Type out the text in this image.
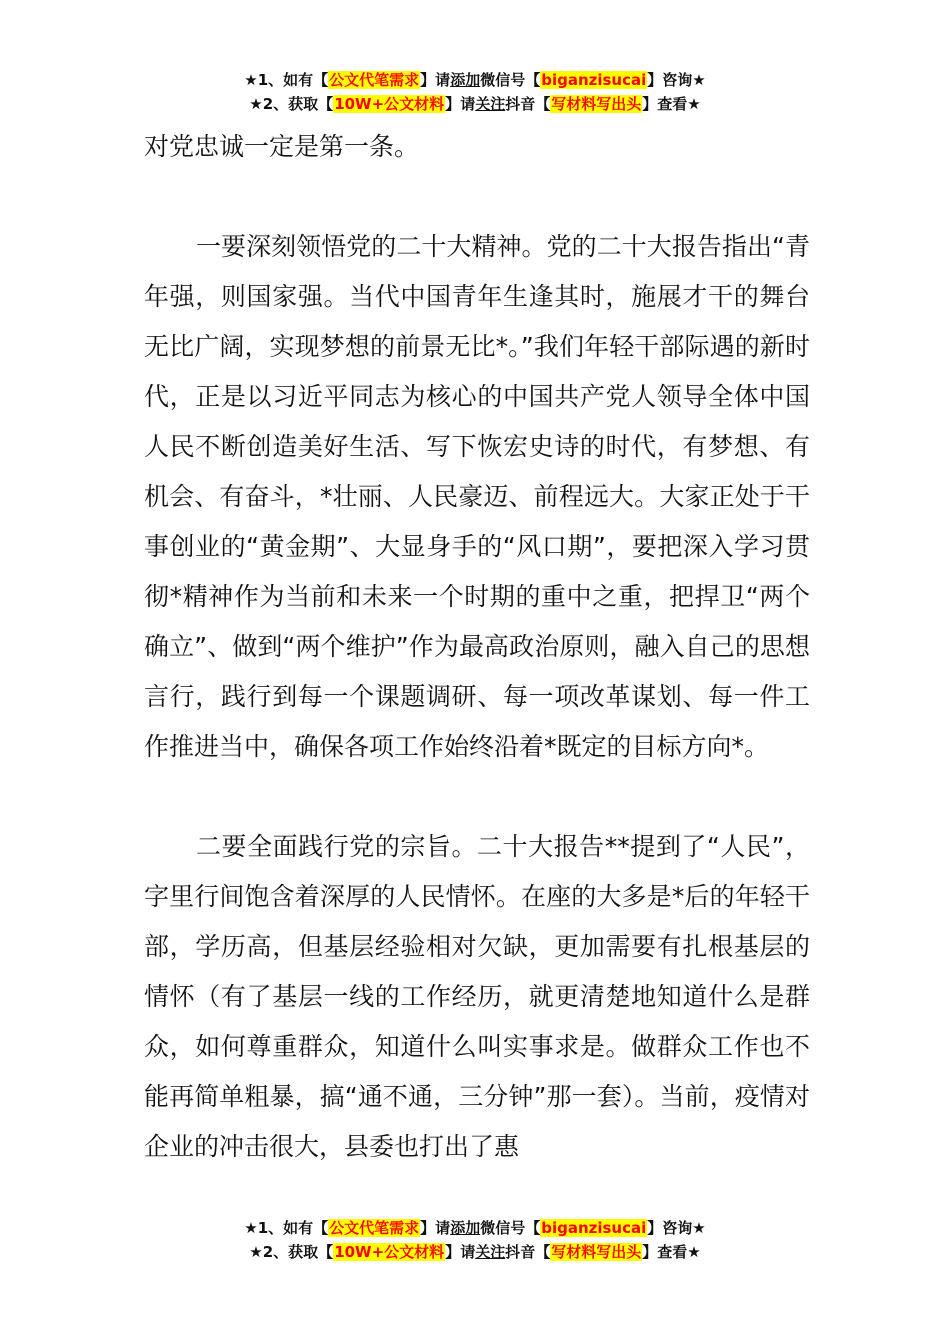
★1、如有【公文代笔需求】请添加微信号【biganzisucai】咨询★
★2、获取【10W+公文材料】请关注抖音【写材料写出头】查看★

对党忠诚一定是第一条。

一要深刻领悟党的二十大精神。党的二十大报告指出“青年强，则国家强。当代中国青年生逢其时，施展才干的舞台无比广阔，实现梦想的前景无比*。”我们年轻干部际遇的新时代，正是以习近平同志为核心的中国共产党人领导全体中国人民不断创造美好生活、写下恢宏史诗的时代，有梦想、有机会、有奋斗，*壮丽、人民豪迈、前程远大。大家正处于干事创业的“黄金期”、大显身手的“风口期”，要把深入学习贯彻*精神作为当前和未来一个时期的重中之重，把捍卫“两个确立”、做到“两个维护”作为最高政治原则，融入自己的思想言行，践行到每一个课题调研、每一项改革谋划、每一件工作推进当中，确保各项工作始终沿着*既定的目标方向*。

二要全面践行党的宗旨。二十大报告**提到了“人民”，字里行间饱含着深厚的人民情怀。在座的大多是*后的年轻干部，学历高，但基层经验相对欠缺，更加需要有扎根基层的情怀（有了基层一线的工作经历，就更清楚地知道什么是群众，如何尊重群众，知道什么叫实事求是。做群众工作也不能再简单粗暴，搞“通不通，三分钟”那一套）。当前，疫情对企业的冲击很大，县委也打出了惠

★1、如有【公文代笔需求】请添加微信号【biganzisucai】咨询★
★2、获取【10W+公文材料】请关注抖音【写材料写出头】查看★
